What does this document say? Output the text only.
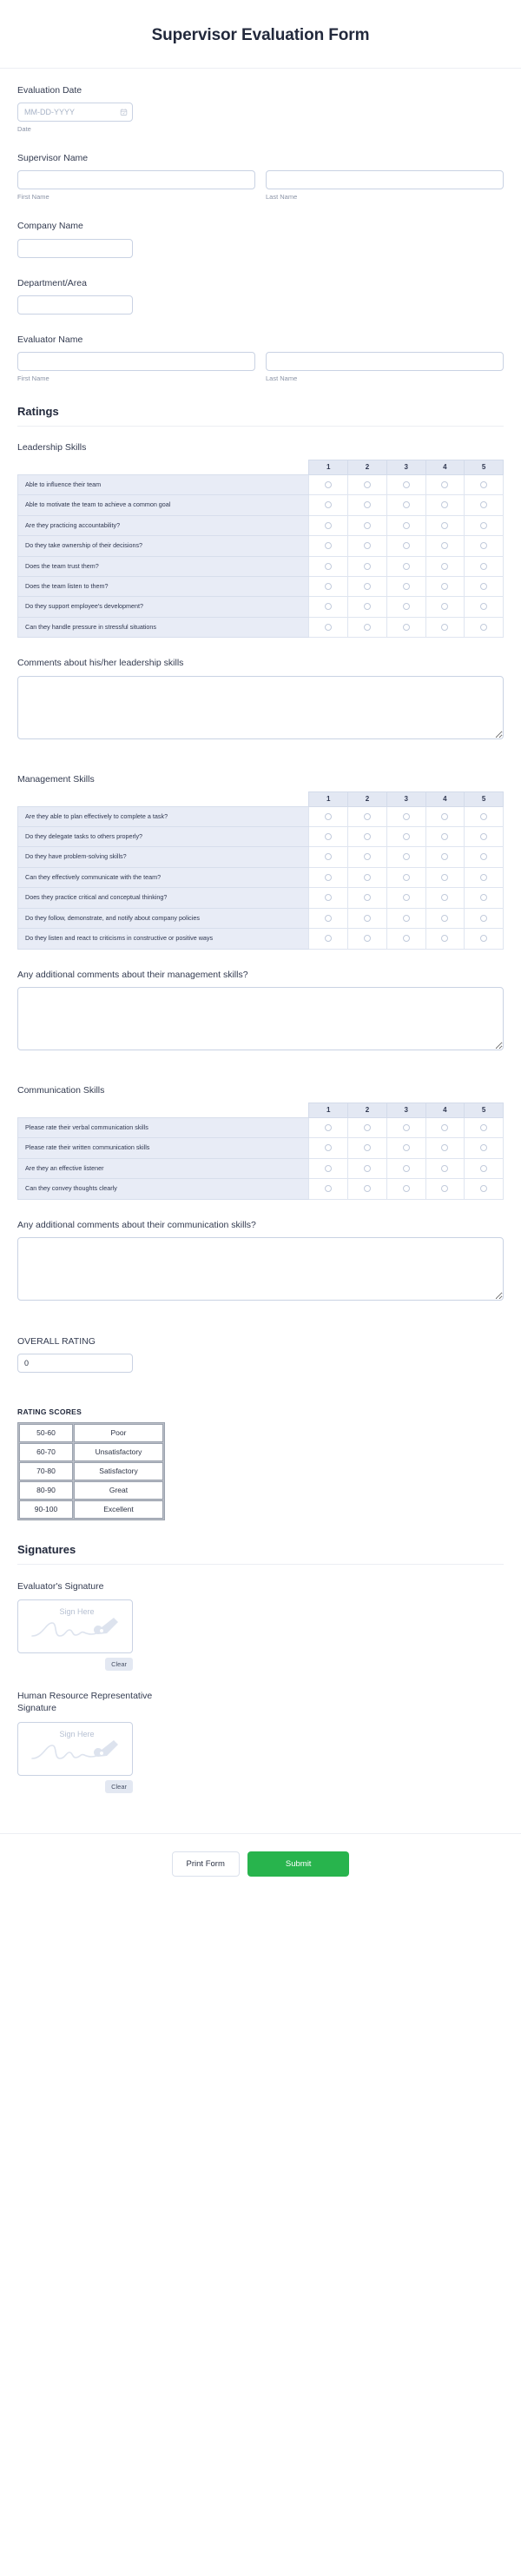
Supervisor Evaluation Form
Evaluation Date
MM-DD-YYYY
Date
Supervisor Name
First Name	Last Name
Company Name
Department/Area
Evaluator Name
First Name	Last Name
Ratings
Leadership Skills
	1	2	3	4	5
Able to influence their team					
Able to motivate the team to achieve a common goal					
Are they practicing accountability?					
Do they take ownership of their decisions?					
Does the team trust them?					
Does the team listen to them?					
Do they support employee's development?					
Can they handle pressure in stressful situations					
Comments about his/her leadership skills
Management Skills
	1	2	3	4	5
Are they able to plan effectively to complete a task?					
Do they delegate tasks to others properly?					
Do they have problem-solving skills?					
Can they effectively communicate with the team?					
Does they practice critical and conceptual thinking?					
Do they follow, demonstrate, and notify about company policies					
Do they listen and react to criticisms in constructive or positive ways					
Any additional comments about their management skills?
Communication Skills
	1	2	3	4	5
Please rate their verbal communication skills					
Please rate their written communication skills					
Are they an effective listener					
Can they convey thoughts clearly					
Any additional comments about their communication skills?
OVERALL RATING
0
RATING SCORES
50-60	Poor
60-70	Unsatisfactory
70-80	Satisfactory
80-90	Great
90-100	Excellent
Signatures
Evaluator's Signature
Sign Here
Clear
Human Resource Representative Signature
Sign Here
Clear
Print Form	Submit
